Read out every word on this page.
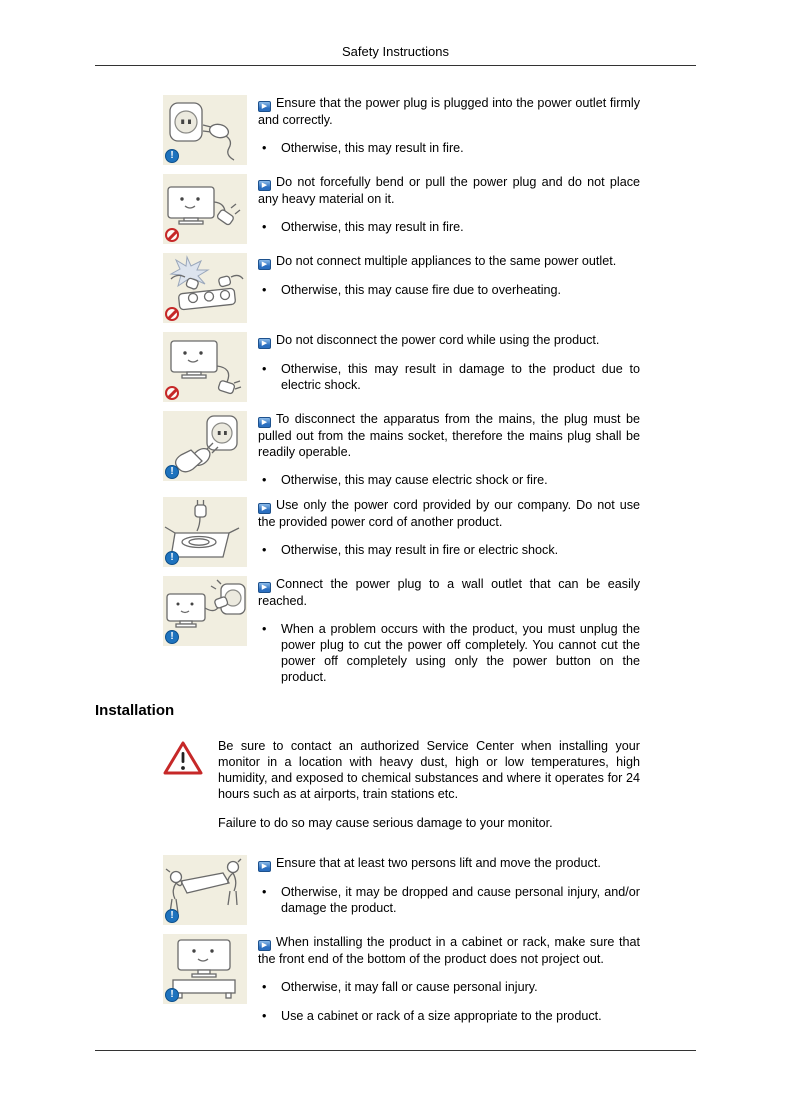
Safety Instructions
!

▶ Ensure that the power plug is plugged into the power outlet firmly and correctly.

•	Otherwise, this may result in fire.

▶ Do not forcefully bend or pull the power plug and do not place any heavy material on it.

•	Otherwise, this may result in fire.

▶ Do not connect multiple appliances to the same power outlet.

•	Otherwise, this may cause fire due to overheating.

▶ Do not disconnect the power cord while using the product.

•	Otherwise, this may result in damage to the product due to electric shock.
!

▶ To disconnect the apparatus from the mains, the plug must be pulled out from the mains socket, therefore the mains plug shall be readily operable.

•	Otherwise, this may cause electric shock or fire.
!

▶ Use only the power cord provided by our company. Do not use the provided power cord of another product.

•	Otherwise, this may result in fire or electric shock.
!

▶ Connect the power plug to a wall outlet that can be easily reached.

•	When a problem occurs with the product, you must unplug the power plug to cut the power off completely. You cannot cut the power off completely using only the power button on the product.
Installation

Be sure to contact an authorized Service Center when installing your monitor in a location with heavy dust, high or low temperatures, high humidity, and exposed to chemical substances and where it operates for 24 hours such as at airports, train stations etc.

Failure to do so may cause serious damage to your monitor.

!

▶ Ensure that at least two persons lift and move the product.

•	Otherwise, it may be dropped and cause personal injury, and/or damage the product.
!

▶ When installing the product in a cabinet or rack, make sure that the front end of the bottom of the product does not project out.

•	Otherwise, it may fall or cause personal injury.
•	Use a cabinet or rack of a size appropriate to the product.
